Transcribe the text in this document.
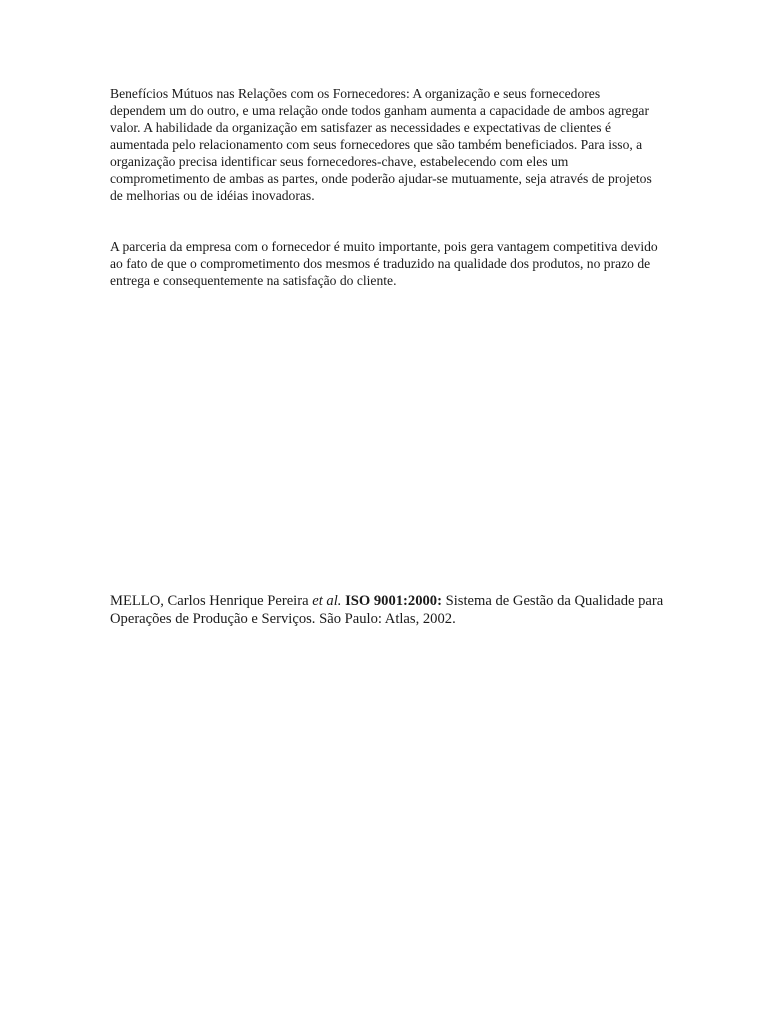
Benefícios Mútuos nas Relações com os Fornecedores: A organização e seus fornecedores dependem um do outro, e uma relação onde todos ganham aumenta a capacidade de ambos agregar valor. A habilidade da organização em satisfazer as necessidades e expectativas de clientes é aumentada pelo relacionamento com seus fornecedores que são também beneficiados. Para isso, a organização precisa identificar seus fornecedores-chave, estabelecendo com eles um comprometimento de ambas as partes, onde poderão ajudar-se mutuamente, seja através de projetos de melhorias ou de idéias inovadoras.

A parceria da empresa com o fornecedor é muito importante, pois gera vantagem competitiva devido ao fato de que o comprometimento dos mesmos é traduzido na qualidade dos produtos, no prazo de entrega e consequentemente na satisfação do cliente.

MELLO, Carlos Henrique Pereira et al. ISO 9001:2000: Sistema de Gestão da Qualidade para Operações de Produção e Serviços. São Paulo: Atlas, 2002.
